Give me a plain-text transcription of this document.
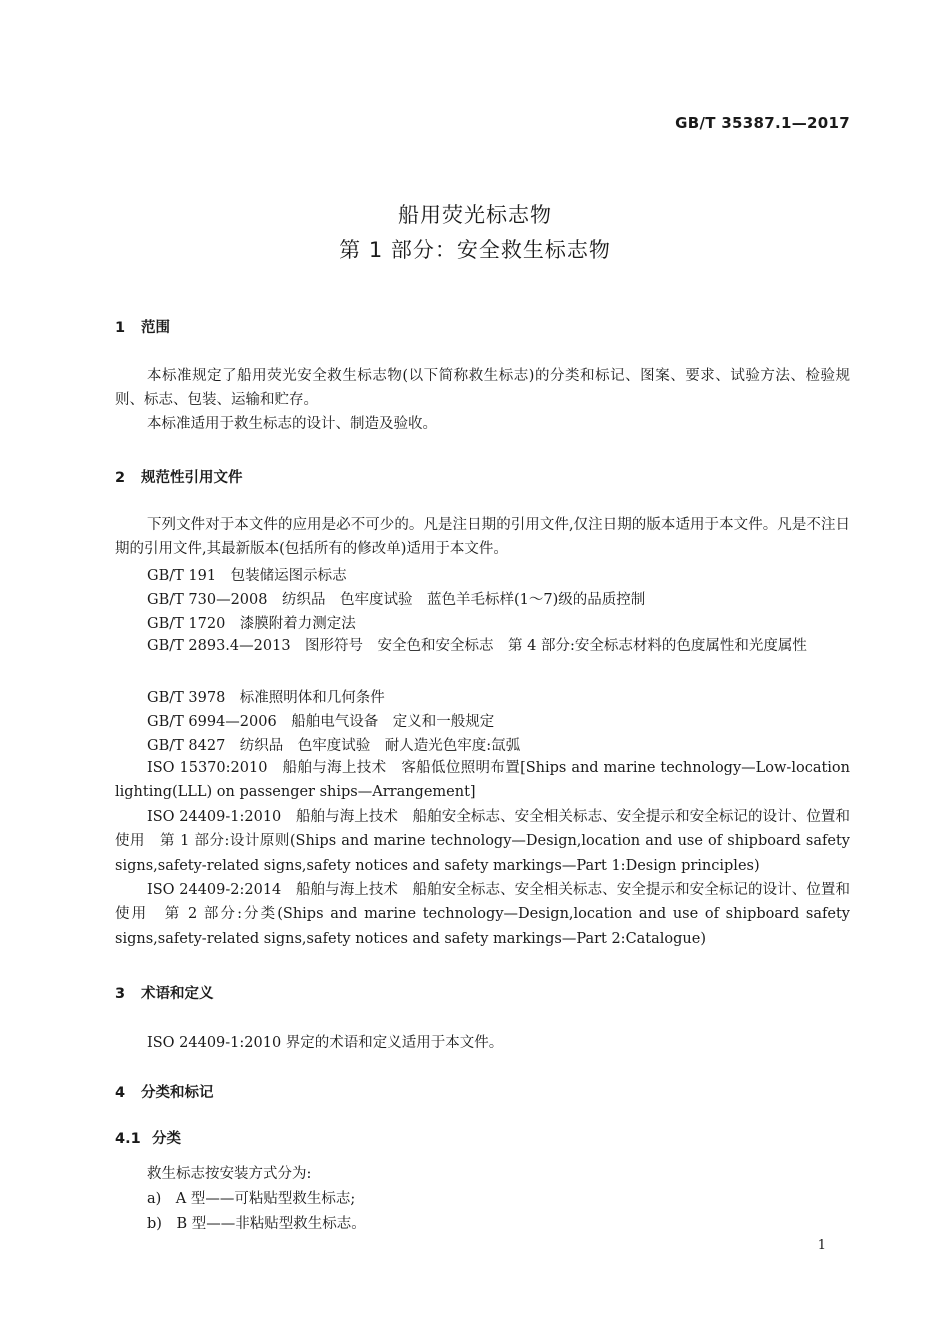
GB/T 35387.1—2017
船用荧光标志物
第 1 部分：安全救生标志物
1 范围
本标准规定了船用荧光安全救生标志物(以下简称救生标志)的分类和标记、图案、要求、试验方法、检验规则、标志、包装、运输和贮存。
本标准适用于救生标志的设计、制造及验收。
2 规范性引用文件
下列文件对于本文件的应用是必不可少的。凡是注日期的引用文件,仅注日期的版本适用于本文件。凡是不注日期的引用文件,其最新版本(包括所有的修改单)适用于本文件。
GB/T 191　包装储运图示标志
GB/T 730—2008　纺织品　色牢度试验　蓝色羊毛标样(1～7)级的品质控制
GB/T 1720　漆膜附着力测定法
GB/T 2893.4—2013　图形符号　安全色和安全标志　第 4 部分:安全标志材料的色度属性和光度属性
GB/T 3978　标准照明体和几何条件
GB/T 6994—2006　船舶电气设备　定义和一般规定
GB/T 8427　纺织品　色牢度试验　耐人造光色牢度:氙弧
ISO 15370:2010　船舶与海上技术　客船低位照明布置[Ships and marine technology—Low-location lighting(LLL) on passenger ships—Arrangement]
ISO 24409-1:2010　船舶与海上技术　船舶安全标志、安全相关标志、安全提示和安全标记的设计、位置和使用　第 1 部分:设计原则(Ships and marine technology—Design,location and use of shipboard safety signs,safety-related signs,safety notices and safety markings—Part 1:Design principles)
ISO 24409-2:2014　船舶与海上技术　船舶安全标志、安全相关标志、安全提示和安全标记的设计、位置和使用　第 2 部分:分类(Ships and marine technology—Design,location and use of shipboard safety signs,safety-related signs,safety notices and safety markings—Part 2:Catalogue)
3 术语和定义
ISO 24409-1:2010 界定的术语和定义适用于本文件。
4 分类和标记
4.1 分类
救生标志按安装方式分为:
a)　A 型——可粘贴型救生标志;
b)　B 型——非粘贴型救生标志。
1
